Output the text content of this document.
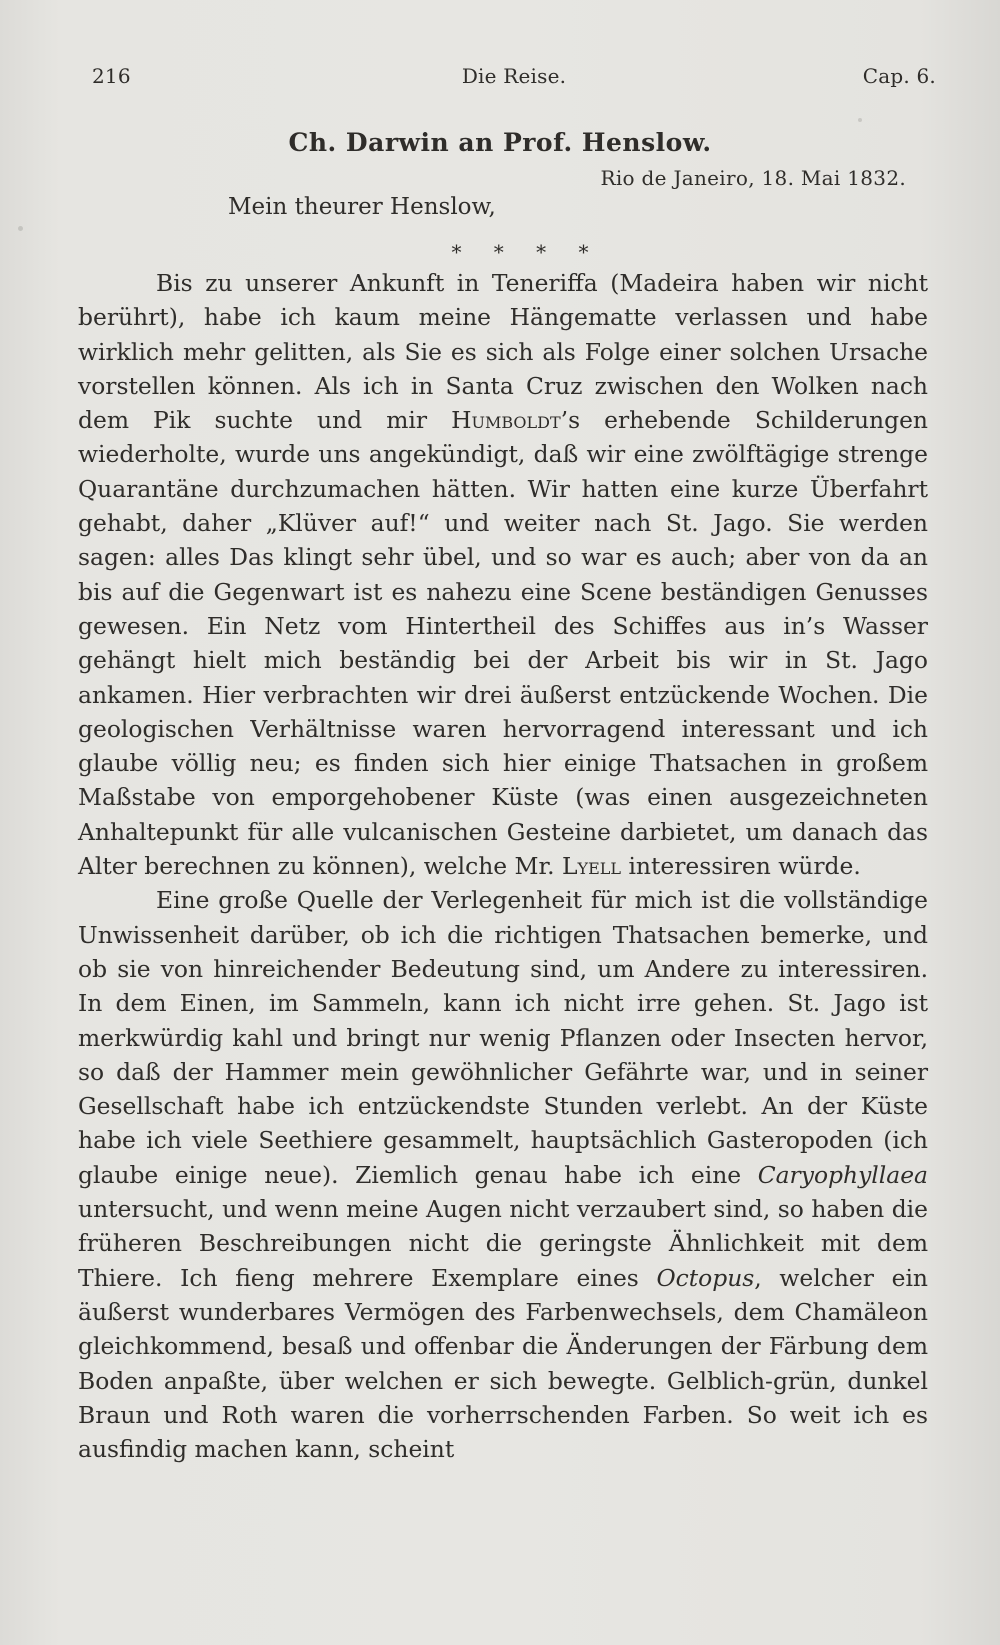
216	Die Reise.	Cap. 6.
Ch. Darwin an Prof. Henslow.
Rio de Janeiro, 18. Mai 1832.
Mein theurer Henslow,
* * * *

Bis zu unserer Ankunft in Teneriffa (Madeira haben wir nicht berührt), habe ich kaum meine Hängematte verlassen und habe wirklich mehr gelitten, als Sie es sich als Folge einer solchen Ursache vorstellen können. Als ich in Santa Cruz zwischen den Wolken nach dem Pik suchte und mir Humboldt’s erhebende Schilderungen wiederholte, wurde uns angekündigt, daß wir eine zwölftägige strenge Quarantäne durchzumachen hätten. Wir hatten eine kurze Überfahrt gehabt, daher „Klüver auf!“ und weiter nach St. Jago. Sie werden sagen: alles Das klingt sehr übel, und so war es auch; aber von da an bis auf die Gegenwart ist es nahezu eine Scene beständigen Genusses gewesen. Ein Netz vom Hintertheil des Schiffes aus in’s Wasser gehängt hielt mich beständig bei der Arbeit bis wir in St. Jago ankamen. Hier verbrachten wir drei äußerst entzückende Wochen. Die geologischen Verhältnisse waren hervorragend interessant und ich glaube völlig neu; es finden sich hier einige Thatsachen in großem Maßstabe von emporgehobener Küste (was einen ausgezeichneten Anhaltepunkt für alle vulcanischen Gesteine darbietet, um danach das Alter berechnen zu können), welche Mr. Lyell interessiren würde.

Eine große Quelle der Verlegenheit für mich ist die vollständige Unwissenheit darüber, ob ich die richtigen Thatsachen bemerke, und ob sie von hinreichender Bedeutung sind, um Andere zu interessiren. In dem Einen, im Sammeln, kann ich nicht irre gehen. St. Jago ist merkwürdig kahl und bringt nur wenig Pflanzen oder Insecten hervor, so daß der Hammer mein gewöhnlicher Gefährte war, und in seiner Gesellschaft habe ich entzückendste Stunden verlebt. An der Küste habe ich viele Seethiere gesammelt, hauptsächlich Gasteropoden (ich glaube einige neue). Ziemlich genau habe ich eine Caryophyllaea untersucht, und wenn meine Augen nicht verzaubert sind, so haben die früheren Beschreibungen nicht die geringste Ähnlichkeit mit dem Thiere. Ich fieng mehrere Exemplare eines Octopus, welcher ein äußerst wunderbares Vermögen des Farbenwechsels, dem Chamäleon gleichkommend, besaß und offenbar die Änderungen der Färbung dem Boden anpaßte, über welchen er sich bewegte. Gelblich-grün, dunkel Braun und Roth waren die vorherrschenden Farben. So weit ich es ausfindig machen kann, scheint
